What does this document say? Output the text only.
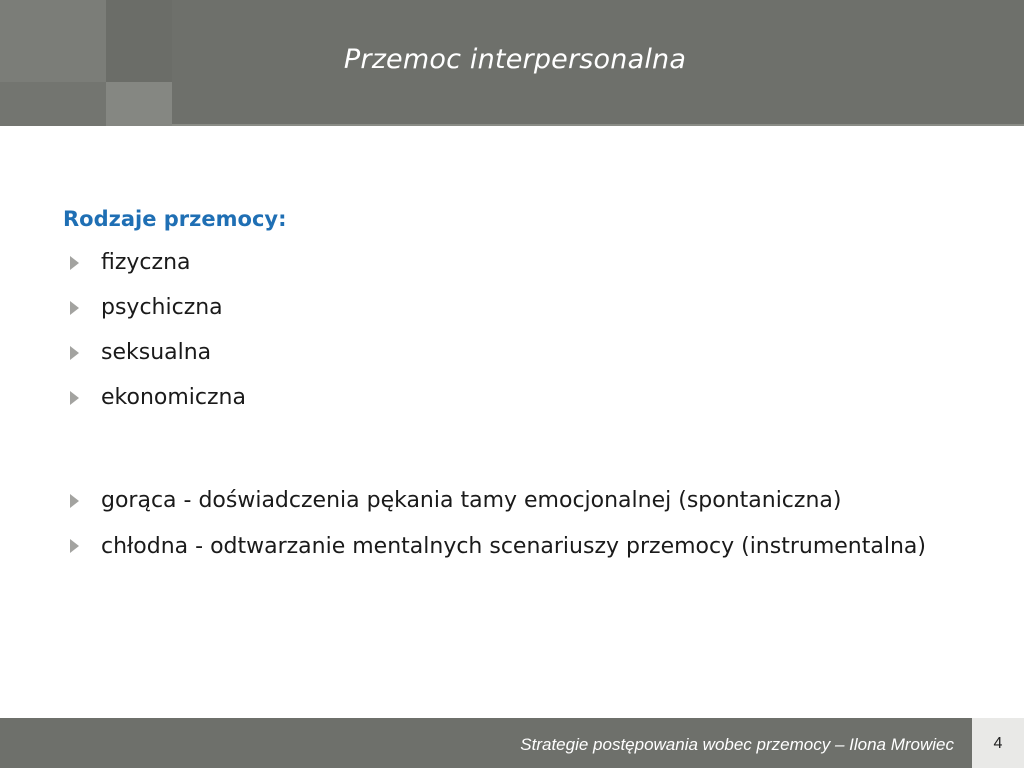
Przemoc interpersonalna
Rodzaje przemocy:
fizyczna
psychiczna
seksualna
ekonomiczna
gorąca - doświadczenia pękania tamy emocjonalnej (spontaniczna)
chłodna - odtwarzanie mentalnych scenariuszy przemocy (instrumentalna)
Strategie postępowania wobec przemocy – Ilona Mrowiec	4
